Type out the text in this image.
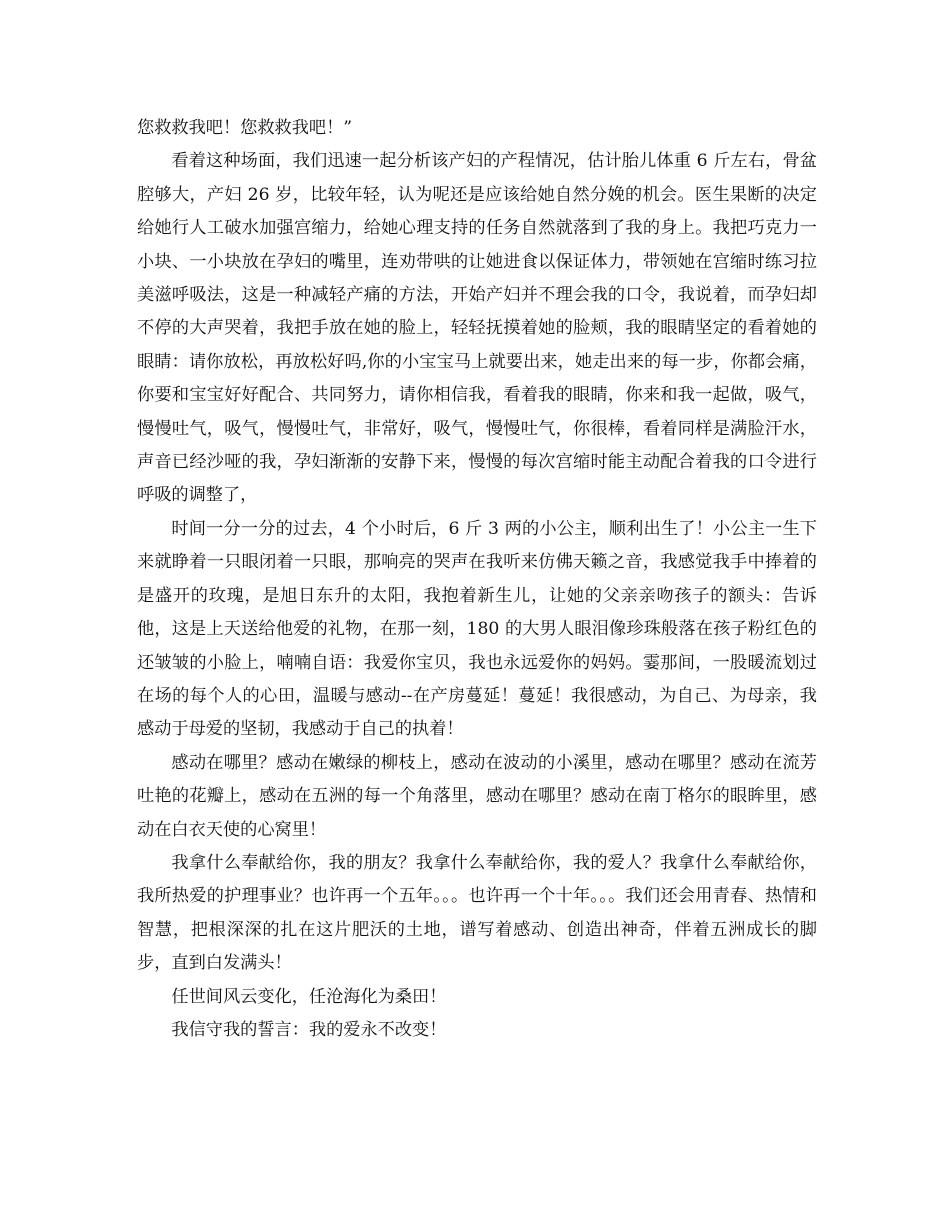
您救救我吧！您救救我吧！”

看着这种场面，我们迅速一起分析该产妇的产程情况，估计胎儿体重 6 斤左右，骨盆腔够大，产妇 26 岁，比较年轻，认为呢还是应该给她自然分娩的机会。医生果断的决定给她行人工破水加强宫缩力，给她心理支持的任务自然就落到了我的身上。我把巧克力一小块、一小块放在孕妇的嘴里，连劝带哄的让她进食以保证体力，带领她在宫缩时练习拉美滋呼吸法，这是一种减轻产痛的方法，开始产妇并不理会我的口令，我说着，而孕妇却不停的大声哭着，我把手放在她的脸上，轻轻抚摸着她的脸颊，我的眼睛坚定的看着她的眼睛：请你放松，再放松好吗,你的小宝宝马上就要出来，她走出来的每一步，你都会痛，你要和宝宝好好配合、共同努力，请你相信我，看着我的眼睛，你来和我一起做，吸气，慢慢吐气，吸气，慢慢吐气，非常好，吸气，慢慢吐气，你很棒，看着同样是满脸汗水，声音已经沙哑的我，孕妇渐渐的安静下来，慢慢的每次宫缩时能主动配合着我的口令进行呼吸的调整了，

时间一分一分的过去，4 个小时后，6 斤 3 两的小公主，顺利出生了！小公主一生下来就睁着一只眼闭着一只眼，那响亮的哭声在我听来仿佛天籁之音，我感觉我手中捧着的是盛开的玫瑰，是旭日东升的太阳，我抱着新生儿，让她的父亲亲吻孩子的额头：告诉他，这是上天送给他爱的礼物，在那一刻，180 的大男人眼泪像珍珠般落在孩子粉红色的还皱皱的小脸上，喃喃自语：我爱你宝贝，我也永远爱你的妈妈。霎那间，一股暖流划过在场的每个人的心田，温暖与感动--在产房蔓延！蔓延！我很感动，为自己、为母亲，我感动于母爱的坚韧，我感动于自己的执着！

感动在哪里？感动在嫩绿的柳枝上，感动在波动的小溪里，感动在哪里？感动在流芳吐艳的花瓣上，感动在五洲的每一个角落里，感动在哪里？感动在南丁格尔的眼眸里，感动在白衣天使的心窝里！

我拿什么奉献给你，我的朋友？我拿什么奉献给你，我的爱人？我拿什么奉献给你，我所热爱的护理事业？也许再一个五年。。。也许再一个十年。。。我们还会用青春、热情和智慧，把根深深的扎在这片肥沃的土地，谱写着感动、创造出神奇，伴着五洲成长的脚步，直到白发满头！

任世间风云变化，任沧海化为桑田！

我信守我的誓言：我的爱永不改变！
